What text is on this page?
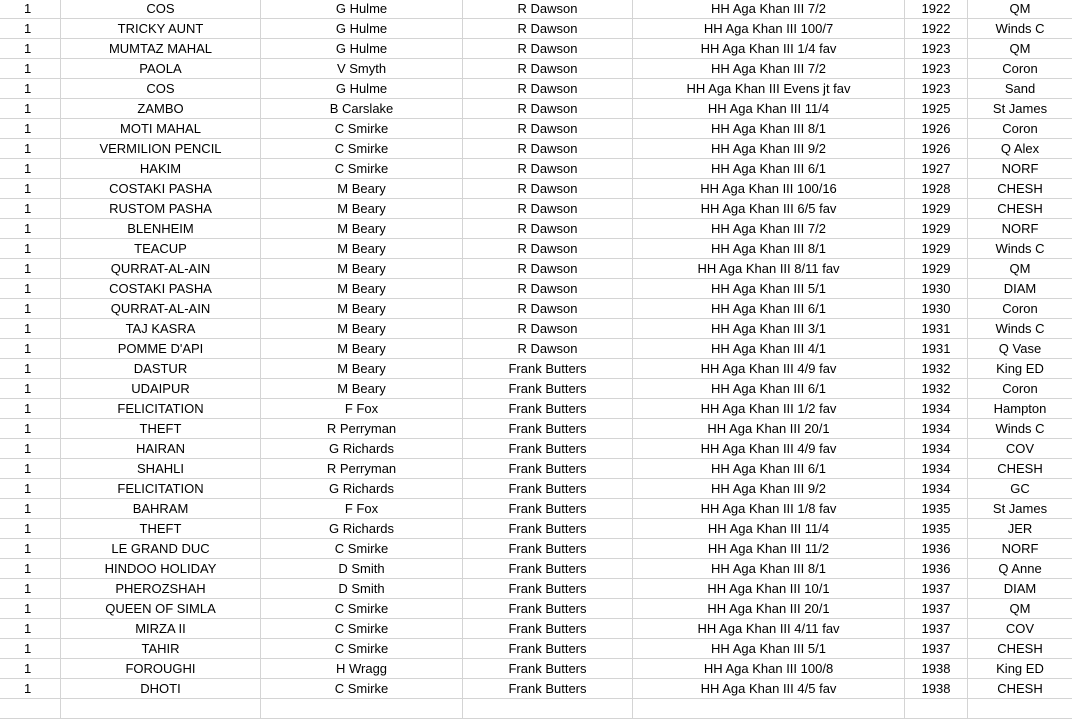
1	COS	G Hulme	R Dawson	HH Aga Khan III 7/2	1922	QM
1	TRICKY AUNT	G Hulme	R Dawson	HH Aga Khan III 100/7	1922	Winds C
1	MUMTAZ MAHAL	G Hulme	R Dawson	HH Aga Khan III 1/4 fav	1923	QM
1	PAOLA	V Smyth	R Dawson	HH Aga Khan III 7/2	1923	Coron
1	COS	G Hulme	R Dawson	HH Aga Khan III Evens jt fav	1923	Sand
1	ZAMBO	B Carslake	R Dawson	HH Aga Khan III 11/4	1925	St James
1	MOTI MAHAL	C Smirke	R Dawson	HH Aga Khan III 8/1	1926	Coron
1	VERMILION PENCIL	C Smirke	R Dawson	HH Aga Khan III 9/2	1926	Q Alex
1	HAKIM	C Smirke	R Dawson	HH Aga Khan III 6/1	1927	NORF
1	COSTAKI PASHA	M Beary	R Dawson	HH Aga Khan III 100/16	1928	CHESH
1	RUSTOM PASHA	M Beary	R Dawson	HH Aga Khan III 6/5 fav	1929	CHESH
1	BLENHEIM	M Beary	R Dawson	HH Aga Khan III 7/2	1929	NORF
1	TEACUP	M Beary	R Dawson	HH Aga Khan III 8/1	1929	Winds C
1	QURRAT-AL-AIN	M Beary	R Dawson	HH Aga Khan III 8/11 fav	1929	QM
1	COSTAKI PASHA	M Beary	R Dawson	HH Aga Khan III 5/1	1930	DIAM
1	QURRAT-AL-AIN	M Beary	R Dawson	HH Aga Khan III 6/1	1930	Coron
1	TAJ KASRA	M Beary	R Dawson	HH Aga Khan III 3/1	1931	Winds C
1	POMME D'API	M Beary	R Dawson	HH Aga Khan III 4/1	1931	Q Vase
1	DASTUR	M Beary	Frank Butters	HH Aga Khan III 4/9 fav	1932	King ED
1	UDAIPUR	M Beary	Frank Butters	HH Aga Khan III 6/1	1932	Coron
1	FELICITATION	F Fox	Frank Butters	HH Aga Khan III 1/2 fav	1934	Hampton
1	THEFT	R Perryman	Frank Butters	HH Aga Khan III 20/1	1934	Winds C
1	HAIRAN	G Richards	Frank Butters	HH Aga Khan III 4/9 fav	1934	COV
1	SHAHLI	R Perryman	Frank Butters	HH Aga Khan III 6/1	1934	CHESH
1	FELICITATION	G Richards	Frank Butters	HH Aga Khan III 9/2	1934	GC
1	BAHRAM	F Fox	Frank Butters	HH Aga Khan III 1/8 fav	1935	St James
1	THEFT	G Richards	Frank Butters	HH Aga Khan III 11/4	1935	JER
1	LE GRAND DUC	C Smirke	Frank Butters	HH Aga Khan III 11/2	1936	NORF
1	HINDOO HOLIDAY	D Smith	Frank Butters	HH Aga Khan III 8/1	1936	Q Anne
1	PHEROZSHAH	D Smith	Frank Butters	HH Aga Khan III 10/1	1937	DIAM
1	QUEEN OF SIMLA	C Smirke	Frank Butters	HH Aga Khan III 20/1	1937	QM
1	MIRZA II	C Smirke	Frank Butters	HH Aga Khan III 4/11 fav	1937	COV
1	TAHIR	C Smirke	Frank Butters	HH Aga Khan III 5/1	1937	CHESH
1	FOROUGHI	H Wragg	Frank Butters	HH Aga Khan III 100/8	1938	King ED
1	DHOTI	C Smirke	Frank Butters	HH Aga Khan III 4/5 fav	1938	CHESH
